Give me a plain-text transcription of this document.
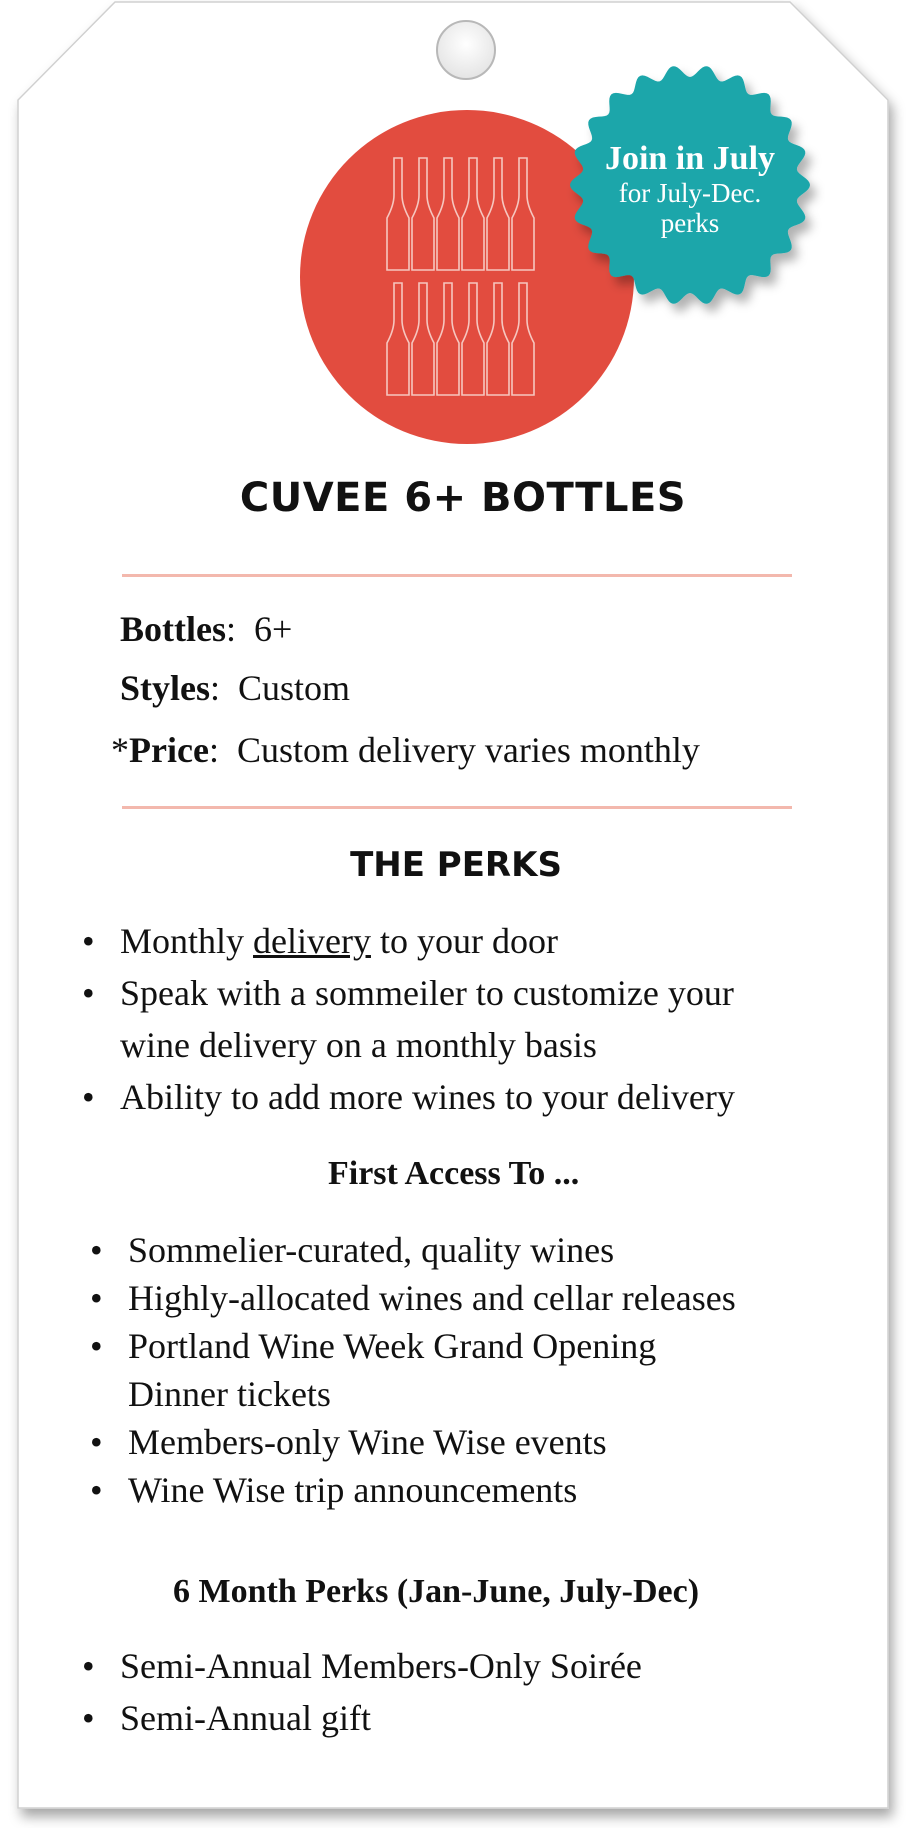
Join in July
for July-Dec.
perks
CUVEE 6+ BOTTLES
Bottles: 6+
Styles: Custom
*Price: Custom delivery varies monthly
THE PERKS
• Monthly delivery to your door
• Speak with a sommeiler to customize your
wine delivery on a monthly basis
• Ability to add more wines to your delivery
First Access To ...
• Sommelier-curated, quality wines
• Highly-allocated wines and cellar releases
• Portland Wine Week Grand Opening
Dinner tickets
• Members-only Wine Wise events
• Wine Wise trip announcements
6 Month Perks (Jan-June, July-Dec)
• Semi-Annual Members-Only Soirée
• Semi-Annual gift
